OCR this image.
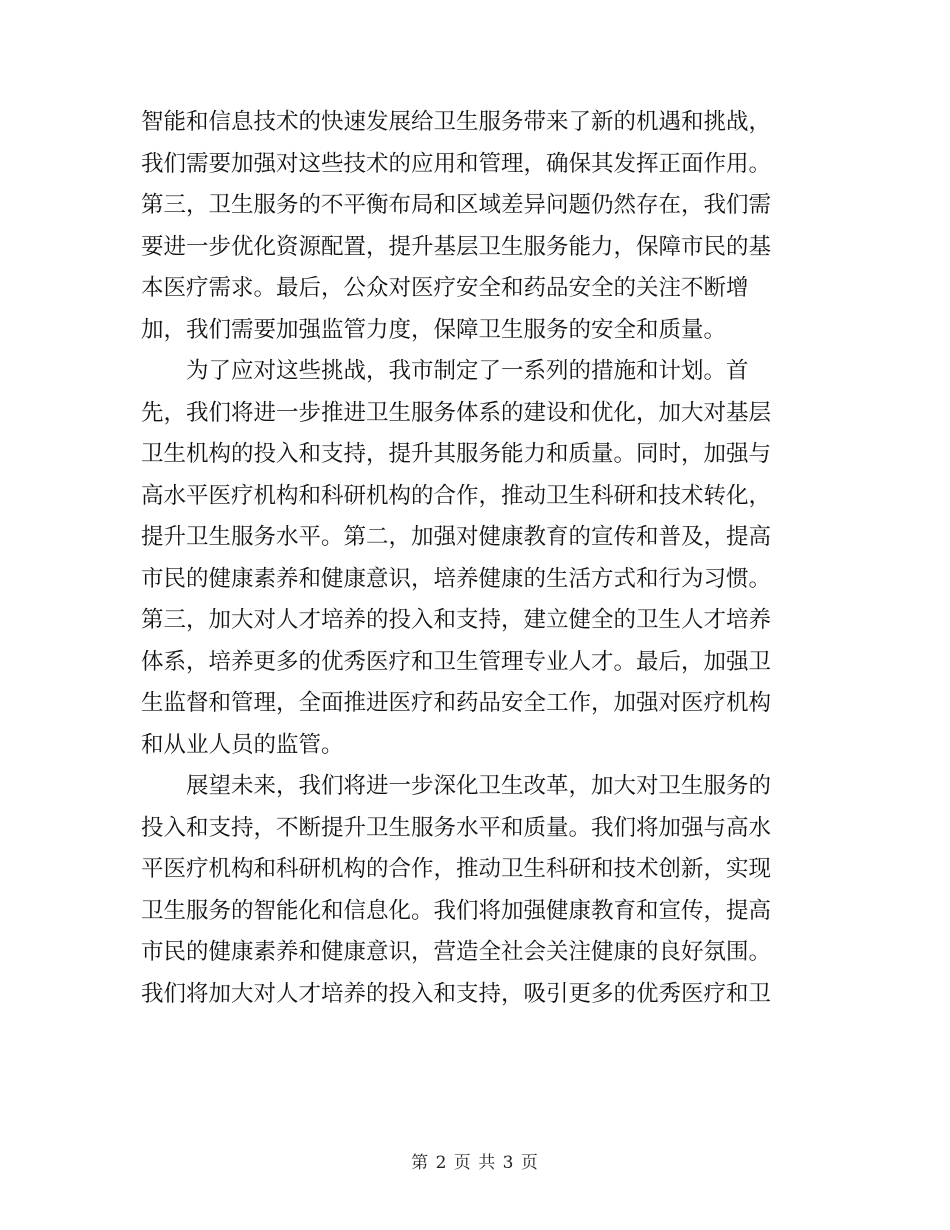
智能和信息技术的快速发展给卫生服务带来了新的机遇和挑战，
我们需要加强对这些技术的应用和管理，确保其发挥正面作用。
第三，卫生服务的不平衡布局和区域差异问题仍然存在，我们需
要进一步优化资源配置，提升基层卫生服务能力，保障市民的基
本医疗需求。最后，公众对医疗安全和药品安全的关注不断增
加，我们需要加强监管力度，保障卫生服务的安全和质量。
为了应对这些挑战，我市制定了一系列的措施和计划。首
先，我们将进一步推进卫生服务体系的建设和优化，加大对基层
卫生机构的投入和支持，提升其服务能力和质量。同时，加强与
高水平医疗机构和科研机构的合作，推动卫生科研和技术转化，
提升卫生服务水平。第二，加强对健康教育的宣传和普及，提高
市民的健康素养和健康意识，培养健康的生活方式和行为习惯。
第三，加大对人才培养的投入和支持，建立健全的卫生人才培养
体系，培养更多的优秀医疗和卫生管理专业人才。最后，加强卫
生监督和管理，全面推进医疗和药品安全工作，加强对医疗机构
和从业人员的监管。
展望未来，我们将进一步深化卫生改革，加大对卫生服务的
投入和支持，不断提升卫生服务水平和质量。我们将加强与高水
平医疗机构和科研机构的合作，推动卫生科研和技术创新，实现
卫生服务的智能化和信息化。我们将加强健康教育和宣传，提高
市民的健康素养和健康意识，营造全社会关注健康的良好氛围。
我们将加大对人才培养的投入和支持，吸引更多的优秀医疗和卫
第 2 页 共 3 页
